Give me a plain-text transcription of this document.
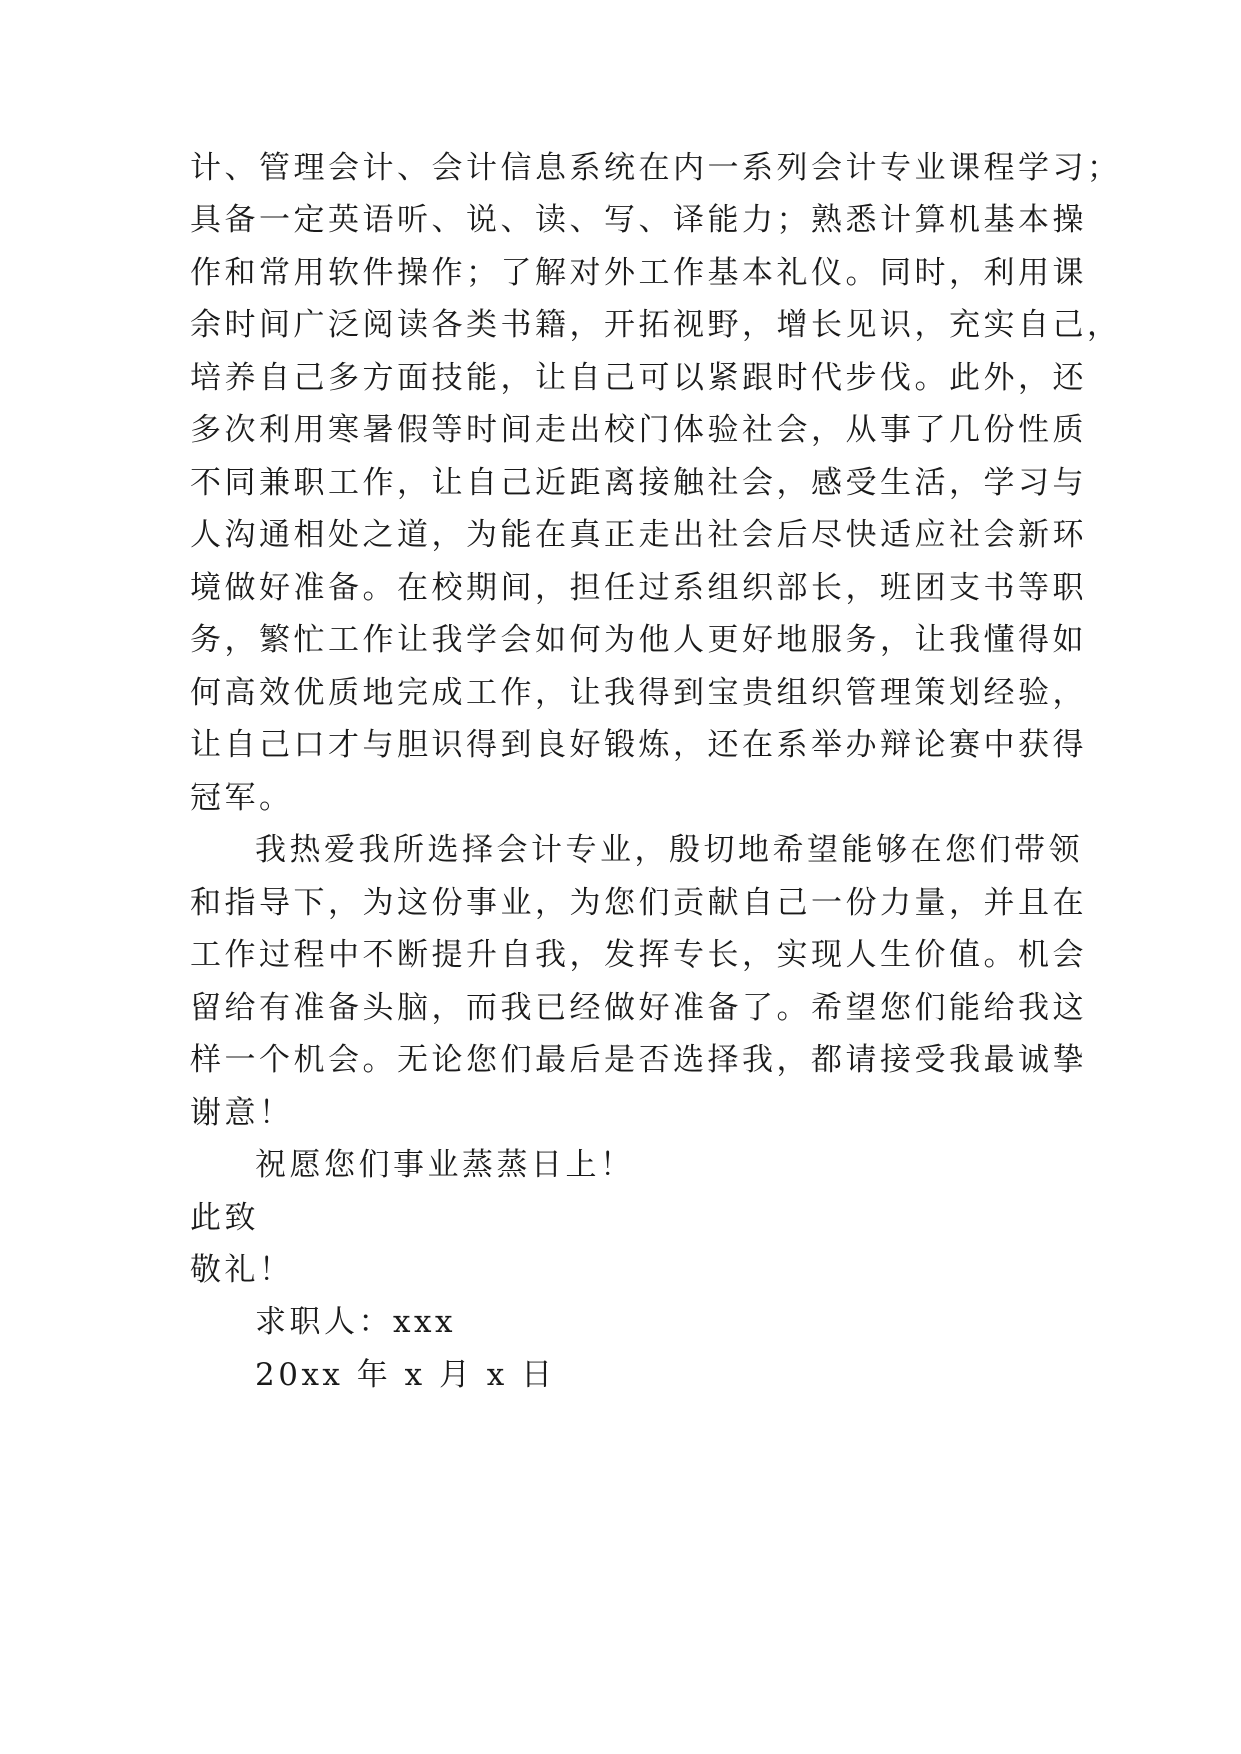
计、管理会计、会计信息系统在内一系列会计专业课程学习；

具备一定英语听、说、读、写、译能力；熟悉计算机基本操

作和常用软件操作；了解对外工作基本礼仪。同时，利用课

余时间广泛阅读各类书籍，开拓视野，增长见识，充实自己，

培养自己多方面技能，让自己可以紧跟时代步伐。此外，还

多次利用寒暑假等时间走出校门体验社会，从事了几份性质

不同兼职工作，让自己近距离接触社会，感受生活，学习与

人沟通相处之道，为能在真正走出社会后尽快适应社会新环

境做好准备。在校期间，担任过系组织部长，班团支书等职

务，繁忙工作让我学会如何为他人更好地服务，让我懂得如

何高效优质地完成工作，让我得到宝贵组织管理策划经验，

让自己口才与胆识得到良好锻炼，还在系举办辩论赛中获得

冠军。

我热爱我所选择会计专业，殷切地希望能够在您们带领

和指导下，为这份事业，为您们贡献自己一份力量，并且在

工作过程中不断提升自我，发挥专长，实现人生价值。机会

留给有准备头脑，而我已经做好准备了。希望您们能给我这

样一个机会。无论您们最后是否选择我，都请接受我最诚挚

谢意！

祝愿您们事业蒸蒸日上！

此致

敬礼！

求职人：xxx

20xx 年 x 月 x 日
